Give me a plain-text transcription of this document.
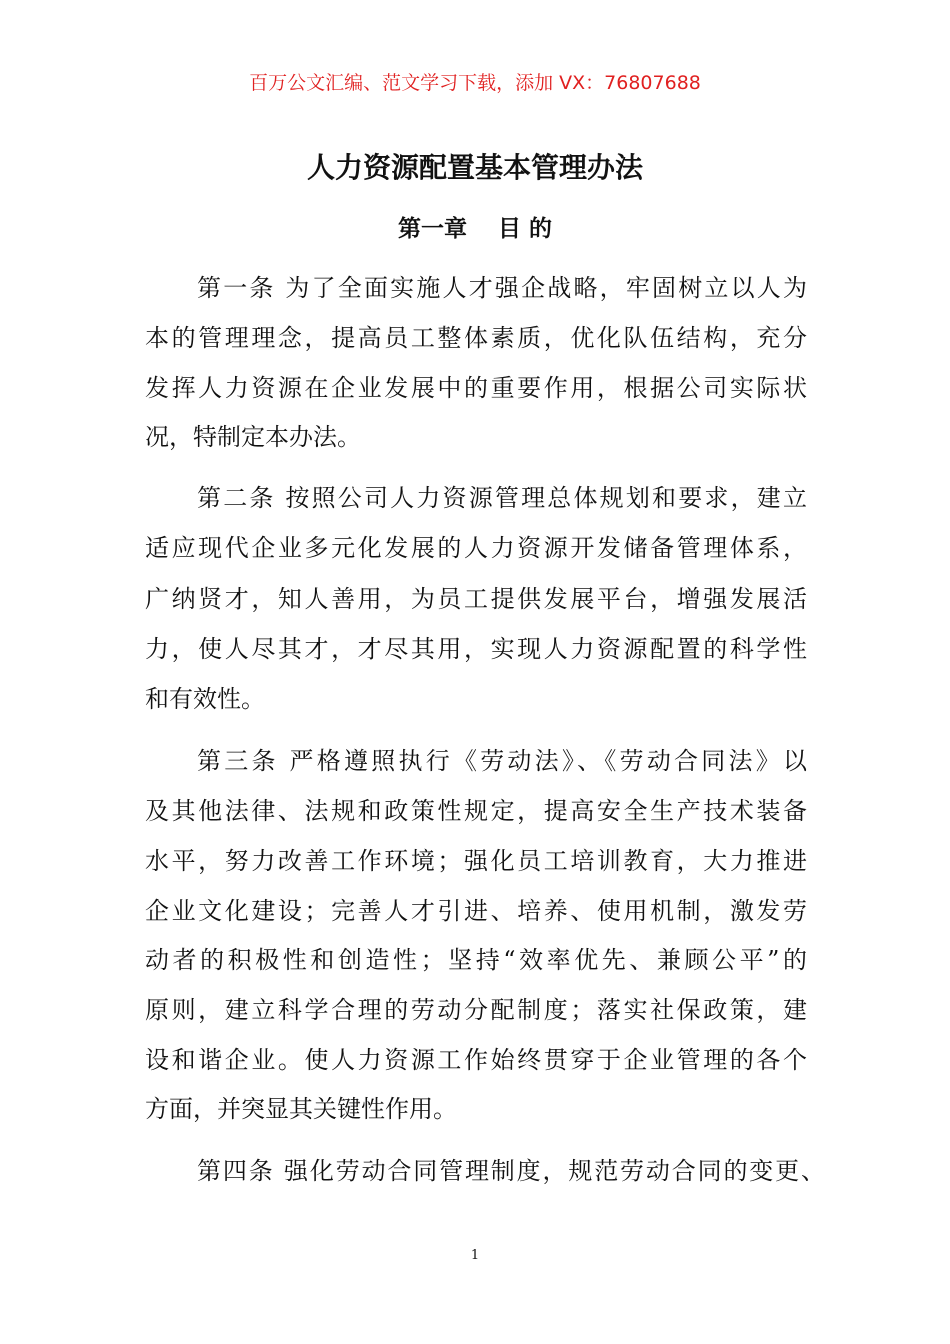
百万公文汇编、范文学习下载，添加 VX：76807688
人力资源配置基本管理办法
第一章　 目 的
第一条 为了全面实施人才强企战略，牢固树立以人为
本的管理理念，提高员工整体素质，优化队伍结构，充分
发挥人力资源在企业发展中的重要作用，根据公司实际状
况，特制定本办法。
第二条 按照公司人力资源管理总体规划和要求，建立
适应现代企业多元化发展的人力资源开发储备管理体系，
广纳贤才，知人善用，为员工提供发展平台，增强发展活
力，使人尽其才，才尽其用，实现人力资源配置的科学性
和有效性。
第三条 严格遵照执行《劳动法》、《劳动合同法》以
及其他法律、法规和政策性规定，提高安全生产技术装备
水平，努力改善工作环境；强化员工培训教育，大力推进
企业文化建设；完善人才引进、培养、使用机制，激发劳
动者的积极性和创造性；坚持“效率优先、兼顾公平”的
原则，建立科学合理的劳动分配制度；落实社保政策，建
设和谐企业。使人力资源工作始终贯穿于企业管理的各个
方面，并突显其关键性作用。
第四条 强化劳动合同管理制度，规范劳动合同的变更、
1
